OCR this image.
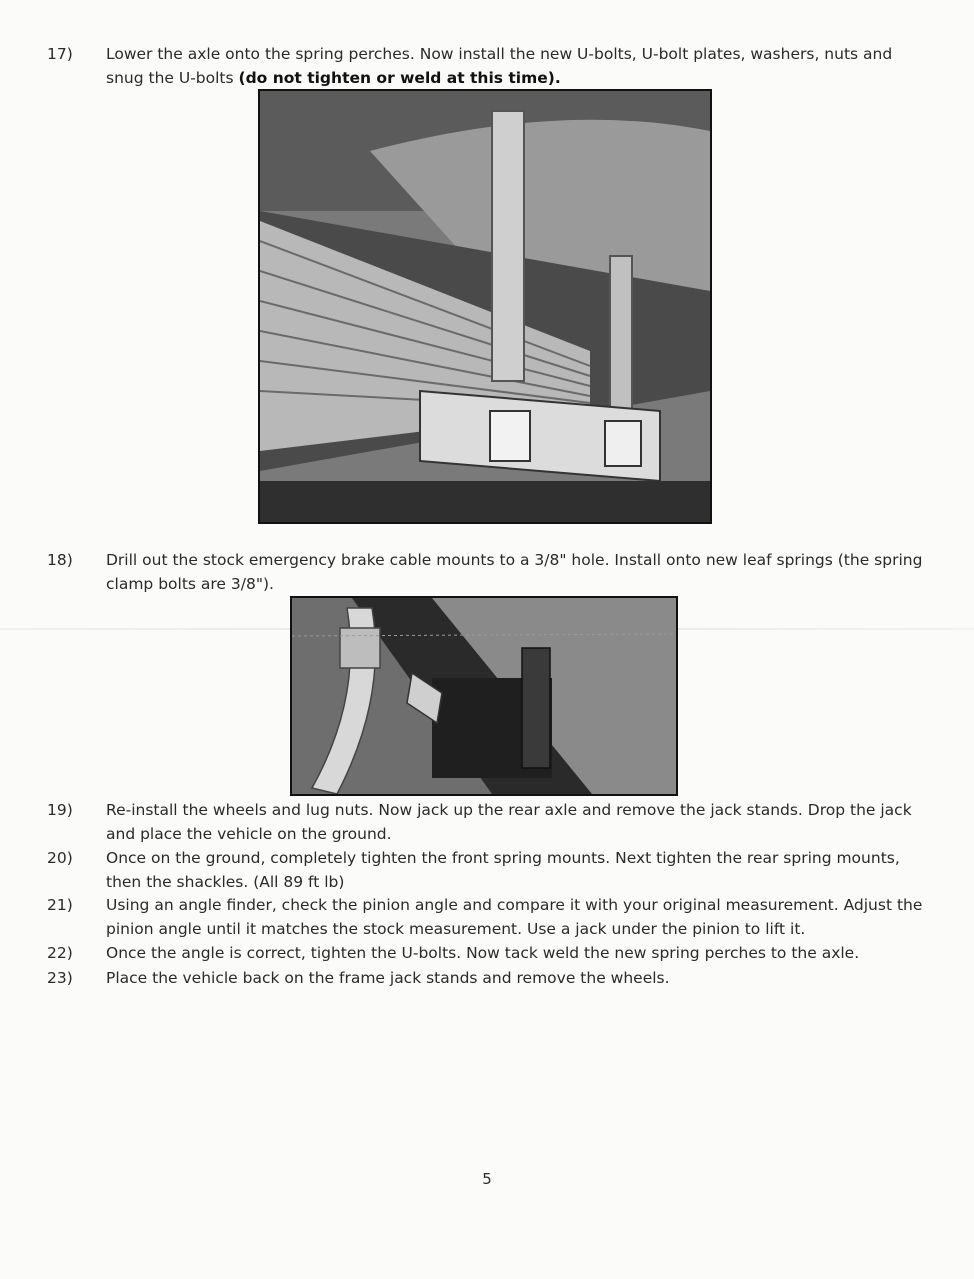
17)	Lower the axle onto the spring perches. Now install the new U-bolts, U-bolt plates, washers, nuts and snug the U-bolts (do not tighten or weld at this time).
18)	Drill out the stock emergency brake cable mounts to a 3/8" hole. Install onto new leaf springs (the spring clamp bolts are 3/8").
19)	Re-install the wheels and lug nuts. Now jack up the rear axle and remove the jack stands. Drop the jack and place the vehicle on the ground.
20)	Once on the ground, completely tighten the front spring mounts. Next tighten the rear spring mounts, then the shackles. (All 89 ft lb)
21)	Using an angle finder, check the pinion angle and compare it with your original measurement. Adjust the pinion angle until it matches the stock measurement. Use a jack under the pinion to lift it.
22)	Once the angle is correct, tighten the U-bolts. Now tack weld the new spring perches to the axle.
23)	Place the vehicle back on the frame jack stands and remove the wheels.
5
